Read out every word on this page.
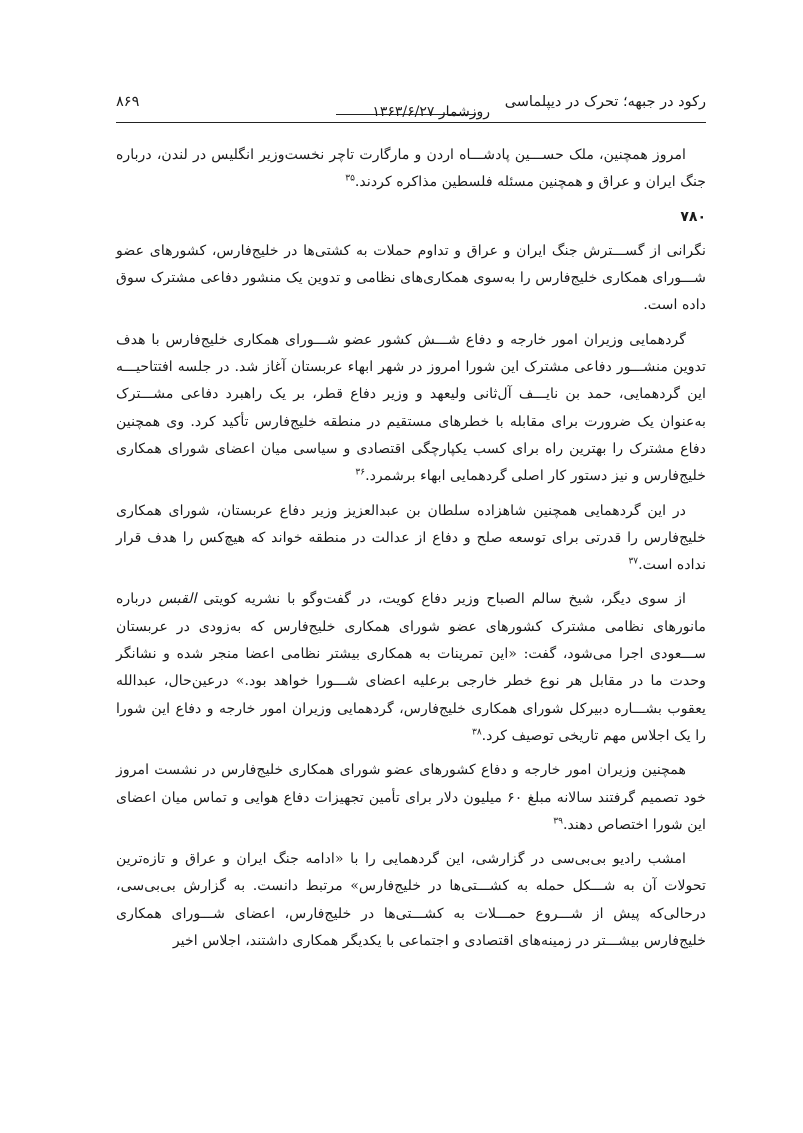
رکود در جبهه؛ تحرک در دیپلماسی
روزشمار ۱۳۶۳/۶/۲۷
۸۶۹

امروز همچنین، ملک حســـین پادشـــاه اردن و مارگارت تاچر نخست‌وزیر انگلیس در لندن، درباره جنگ ایران و عراق و همچنین مسئله فلسطین مذاکره کردند.$^{۳۵}$

۷۸۰

نگرانی از گســـترش جنگ ایران و عراق و تداوم حملات به کشتی‌ها در خلیج‌فارس، کشورهای عضو شـــورای همکاری خلیج‌فارس را به‌سوی همکاری‌های نظامی و تدوین یک منشور دفاعی مشترک سوق داده است.

گردهمایی وزیران امور خارجه و دفاع شـــش کشور عضو شـــورای همکاری خلیج‌فارس با هدف تدوین منشـــور دفاعی مشترک این شورا امروز در شهر ابهاء عربستان آغاز شد. در جلسه افتتاحیـــه این گردهمایی، حمد بن نایـــف آل‌ثانی ولیعهد و وزیر دفاع قطر، بر یک راهبرد دفاعی مشـــترک به‌عنوان یک ضرورت برای مقابله با خطرهای مستقیم در منطقه خلیج‌فارس تأکید کرد. وی همچنین دفاع مشترک را بهترین راه برای کسب یکپارچگی اقتصادی و سیاسی میان اعضای شورای همکاری خلیج‌فارس و نیز دستور کار اصلی گردهمایی ابهاء برشمرد.$^{۳۶}$

در این گردهمایی همچنین شاهزاده سلطان بن عبدالعزیز وزیر دفاع عربستان، شورای همکاری خلیج‌فارس را قدرتی برای توسعه صلح و دفاع از عدالت در منطقه خواند که هیچ‌کس را هدف قرار نداده است.$^{۳۷}$

از سوی دیگر، شیخ سالم الصباح وزیر دفاع کویت، در گفت‌وگو با نشریه کویتی القبس درباره مانورهای نظامی مشترک کشورهای عضو شورای همکاری خلیج‌فارس که به‌زودی در عربستان ســـعودی اجرا می‌شود، گفت: «این تمرینات به همکاری بیشتر نظامی اعضا منجر شده و نشانگر وحدت ما در مقابل هر نوع خطر خارجی برعلیه اعضای شـــورا خواهد بود.» درعین‌حال، عبدالله یعقوب بشـــاره دبیرکل شورای همکاری خلیج‌فارس، گردهمایی وزیران امور خارجه و دفاع این شورا را یک اجلاس مهم تاریخی توصیف کرد.$^{۳۸}$

همچنین وزیران امور خارجه و دفاع کشورهای عضو شورای همکاری خلیج‌فارس در نشست امروز خود تصمیم گرفتند سالانه مبلغ ۶۰ میلیون دلار برای تأمین تجهیزات دفاع هوایی و تماس میان اعضای این شورا اختصاص دهند.$^{۳۹}$

امشب رادیو بی‌بی‌سی در گزارشی، این گردهمایی را با «ادامه جنگ ایران و عراق و تازه‌ترین تحولات آن به شـــکل حمله به کشـــتی‌ها در خلیج‌فارس» مرتبط دانست. به گزارش بی‌بی‌سی، درحالی‌که پیش از شـــروع حمـــلات به کشـــتی‌ها در خلیج‌فارس، اعضای شـــورای همکاری خلیج‌فارس بیشـــتر در زمینه‌های اقتصادی و اجتماعی با یکدیگر همکاری داشتند، اجلاس اخیر
